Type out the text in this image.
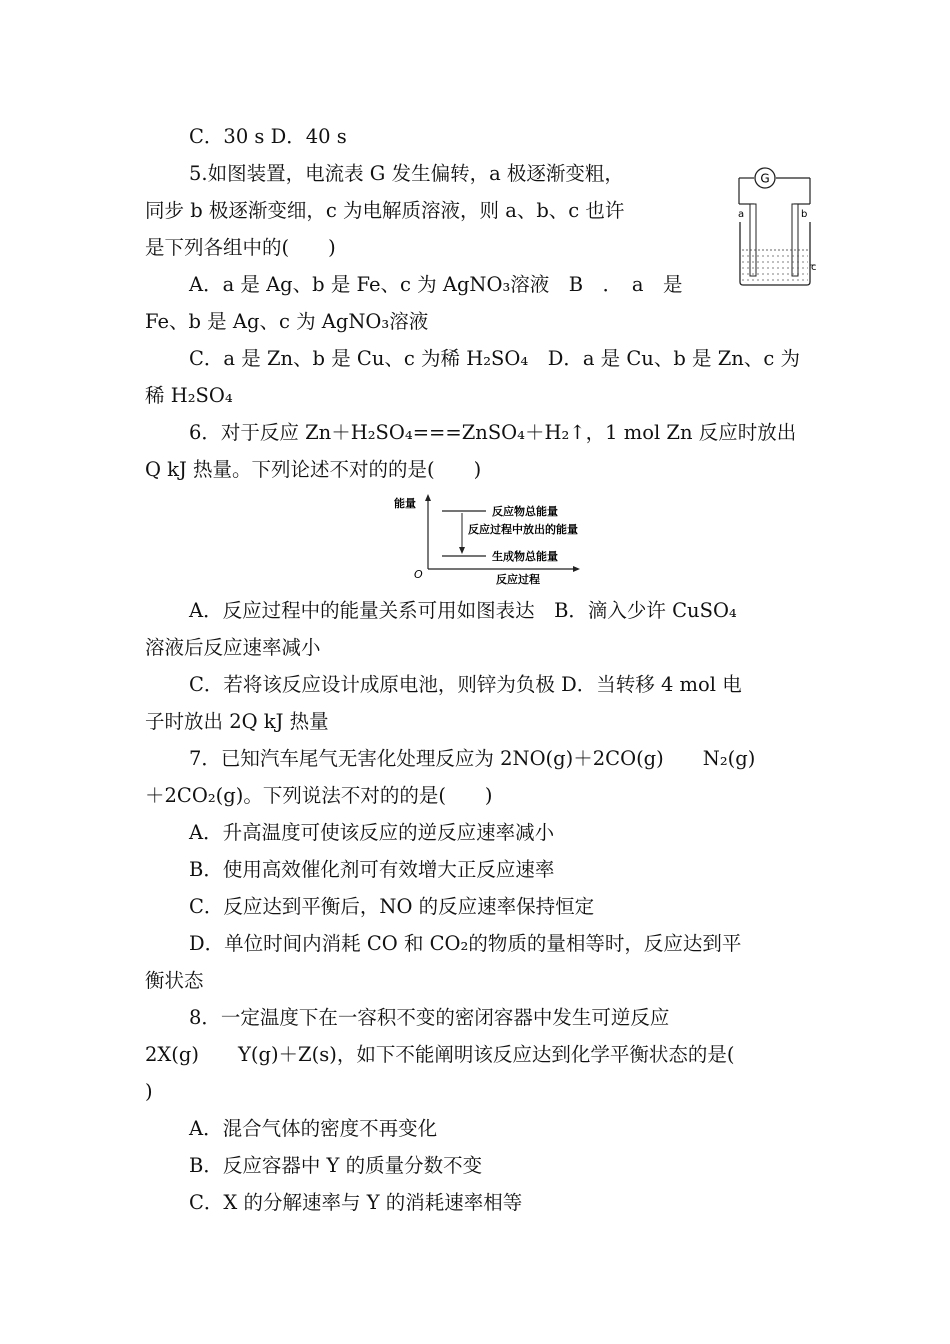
C．30 s D．40 s
5.如图装置，电流表 G 发生偏转，a 极逐渐变粗，
同步 b 极逐渐变细，c 为电解质溶液，则 a、b、c 也许
是下列各组中的(　　)
A．a 是 Ag、b 是 Fe、c 为 AgNO₃溶液　B　．　a　是
Fe、b 是 Ag、c 为 AgNO₃溶液
C．a 是 Zn、b 是 Cu、c 为稀 H₂SO₄　D．a 是 Cu、b 是 Zn、c 为
稀 H₂SO₄
6．对于反应 Zn＋H₂SO₄===ZnSO₄＋H₂↑，1 mol Zn 反应时放出
Q kJ 热量。下列论述不对的的是(　　)
A．反应过程中的能量关系可用如图表达　B．滴入少许 CuSO₄
溶液后反应速率减小
C．若将该反应设计成原电池，则锌为负极 D．当转移 4 mol 电
子时放出 2Q kJ 热量
7．已知汽车尾气无害化处理反应为 2NO(g)＋2CO(g)　　N₂(g)
＋2CO₂(g)。下列说法不对的的是(　　)
A．升高温度可使该反应的逆反应速率减小
B．使用高效催化剂可有效增大正反应速率
C．反应达到平衡后，NO 的反应速率保持恒定
D．单位时间内消耗 CO 和 CO₂的物质的量相等时，反应达到平
衡状态
8．一定温度下在一容积不变的密闭容器中发生可逆反应
2X(g)　　Y(g)＋Z(s)，如下不能阐明该反应达到化学平衡状态的是(
)
A．混合气体的密度不再变化
B．反应容器中 Y 的质量分数不变
C．X 的分解速率与 Y 的消耗速率相等
G
a	b
c
能量
O	反应过程
反应物总能量
反应过程中放出的能量
生成物总能量
